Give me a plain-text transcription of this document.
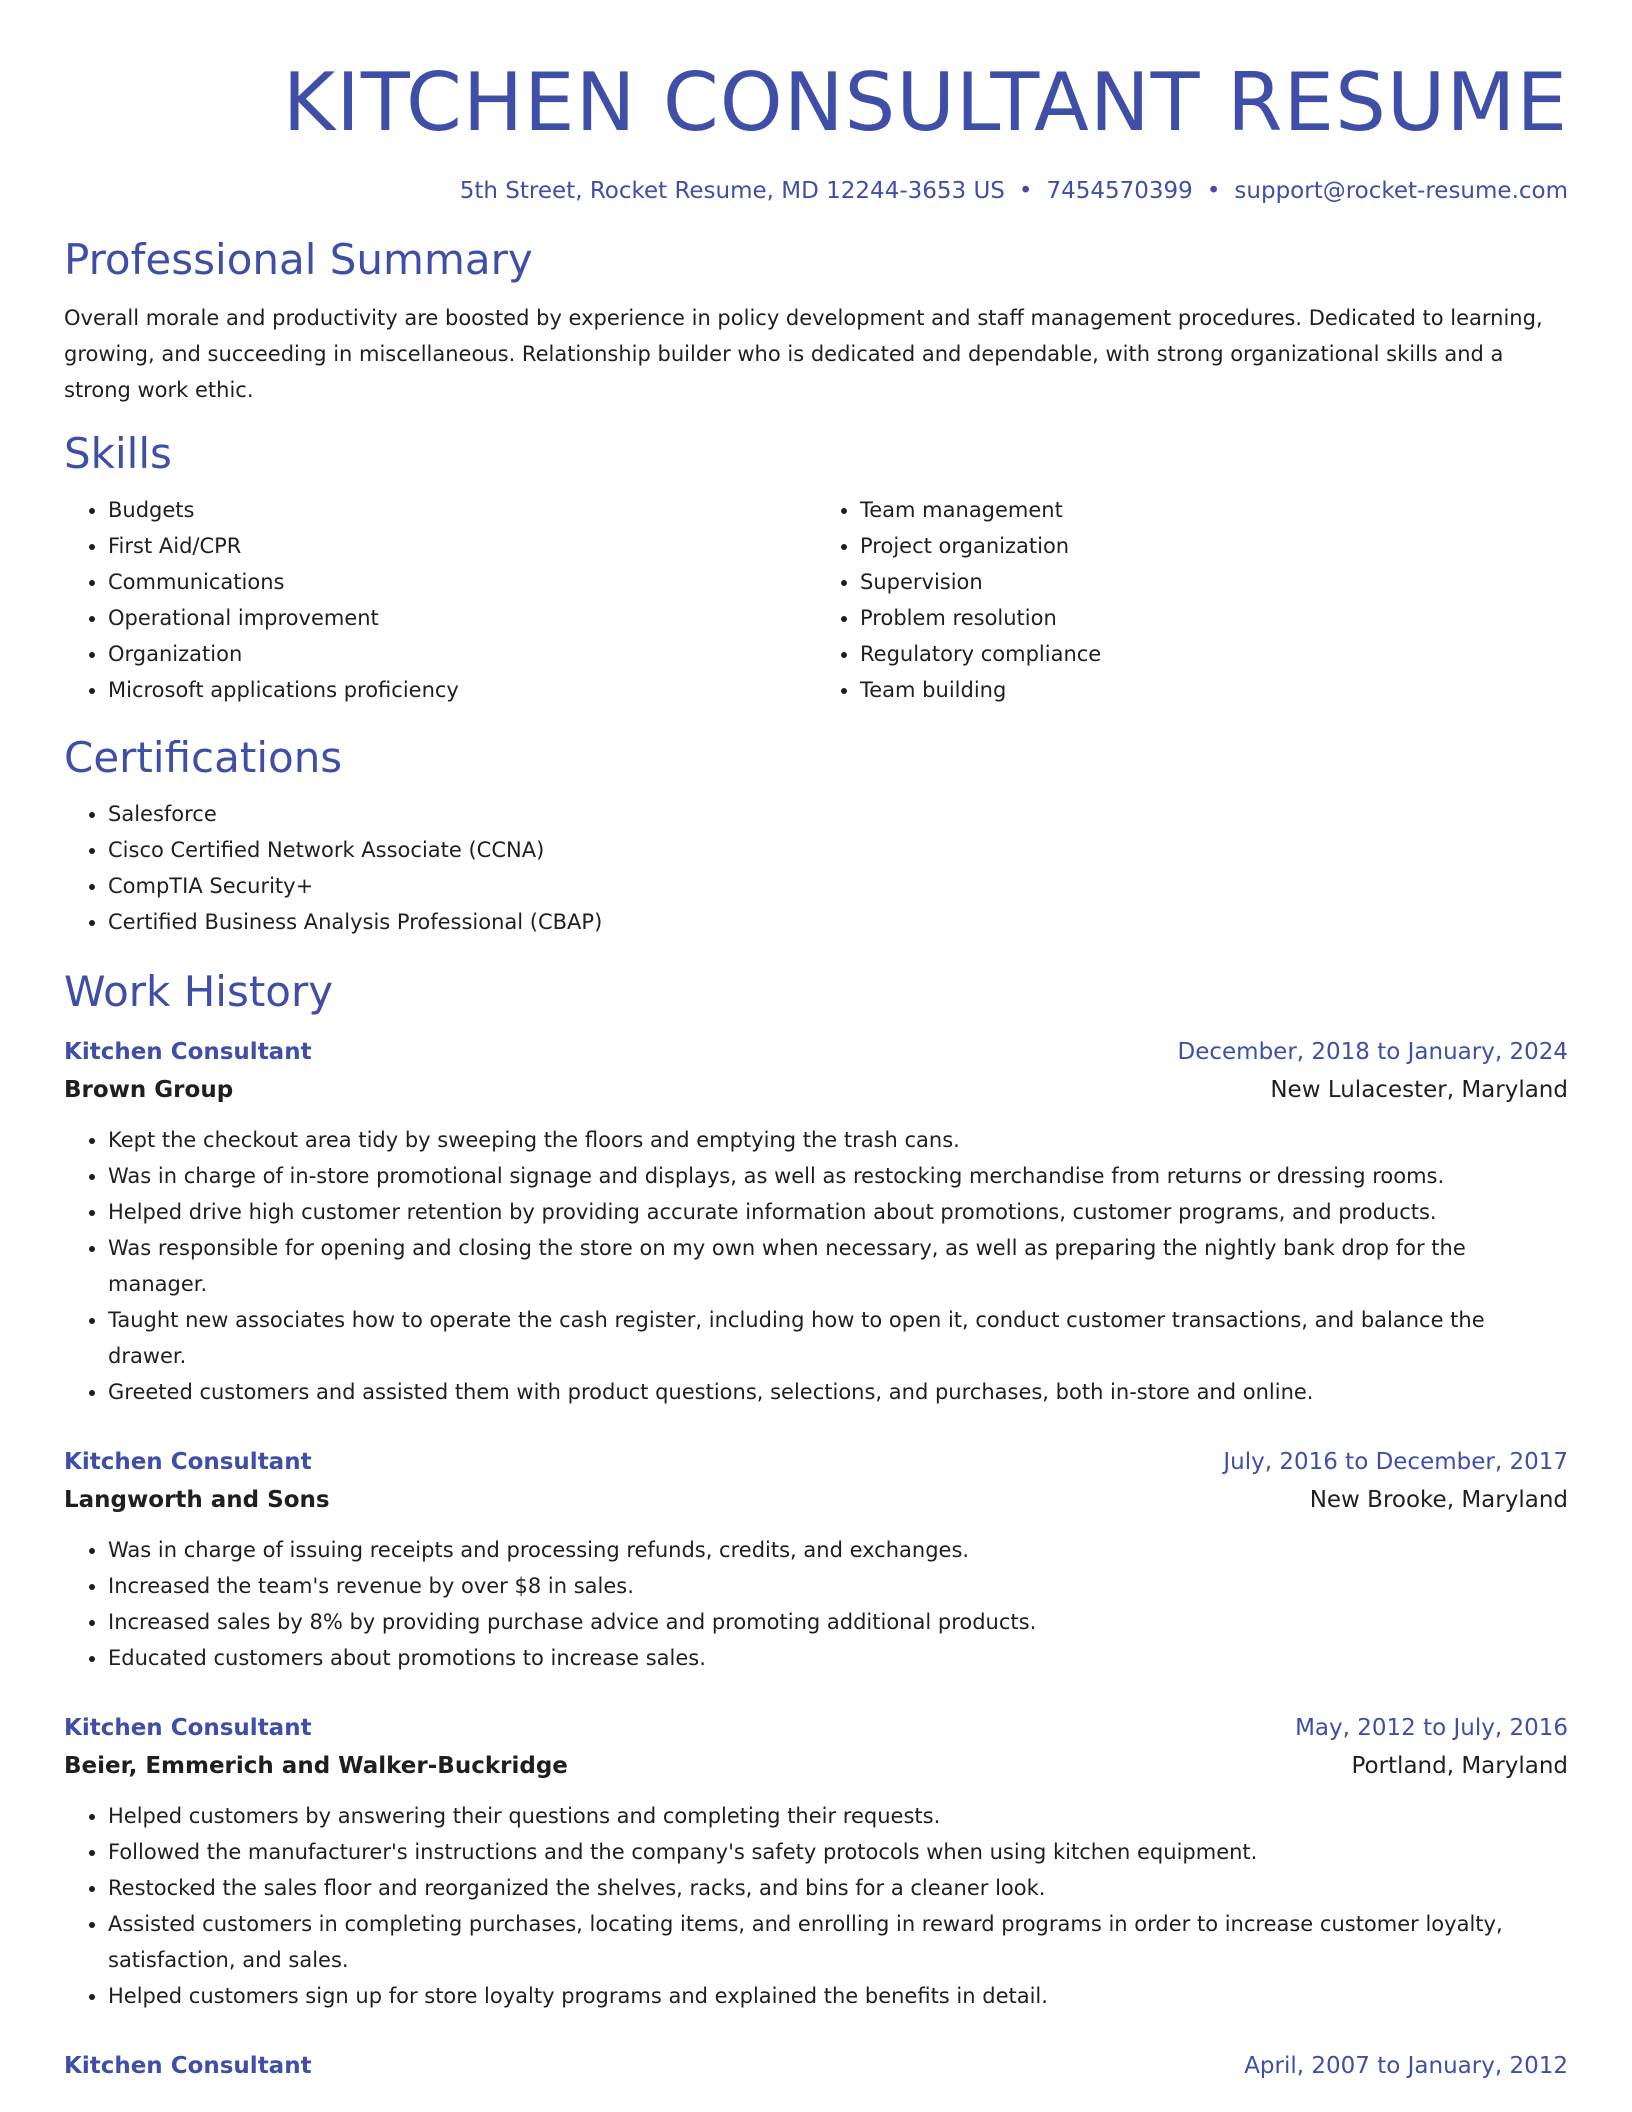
KITCHEN CONSULTANT RESUME
5th Street, Rocket Resume, MD 12244-3653 US • 7454570399 • support@rocket-resume.com
Professional Summary
Overall morale and productivity are boosted by experience in policy development and staff management procedures. Dedicated to learning, growing, and succeeding in miscellaneous. Relationship builder who is dedicated and dependable, with strong organizational skills and a strong work ethic.
Skills
• Budgets
• First Aid/CPR
• Communications
• Operational improvement
• Organization
• Microsoft applications proficiency
• Team management
• Project organization
• Supervision
• Problem resolution
• Regulatory compliance
• Team building
Certifications
• Salesforce
• Cisco Certified Network Associate (CCNA)
• CompTIA Security+
• Certified Business Analysis Professional (CBAP)
Work History
Kitchen Consultant	December, 2018 to January, 2024
Brown Group	New Lulacester, Maryland
• Kept the checkout area tidy by sweeping the floors and emptying the trash cans.
• Was in charge of in-store promotional signage and displays, as well as restocking merchandise from returns or dressing rooms.
• Helped drive high customer retention by providing accurate information about promotions, customer programs, and products.
• Was responsible for opening and closing the store on my own when necessary, as well as preparing the nightly bank drop for the manager.
• Taught new associates how to operate the cash register, including how to open it, conduct customer transactions, and balance the drawer.
• Greeted customers and assisted them with product questions, selections, and purchases, both in-store and online.
Kitchen Consultant	July, 2016 to December, 2017
Langworth and Sons	New Brooke, Maryland
• Was in charge of issuing receipts and processing refunds, credits, and exchanges.
• Increased the team's revenue by over $8 in sales.
• Increased sales by 8% by providing purchase advice and promoting additional products.
• Educated customers about promotions to increase sales.
Kitchen Consultant	May, 2012 to July, 2016
Beier, Emmerich and Walker-Buckridge	Portland, Maryland
• Helped customers by answering their questions and completing their requests.
• Followed the manufacturer's instructions and the company's safety protocols when using kitchen equipment.
• Restocked the sales floor and reorganized the shelves, racks, and bins for a cleaner look.
• Assisted customers in completing purchases, locating items, and enrolling in reward programs in order to increase customer loyalty, satisfaction, and sales.
• Helped customers sign up for store loyalty programs and explained the benefits in detail.
Kitchen Consultant	April, 2007 to January, 2012
